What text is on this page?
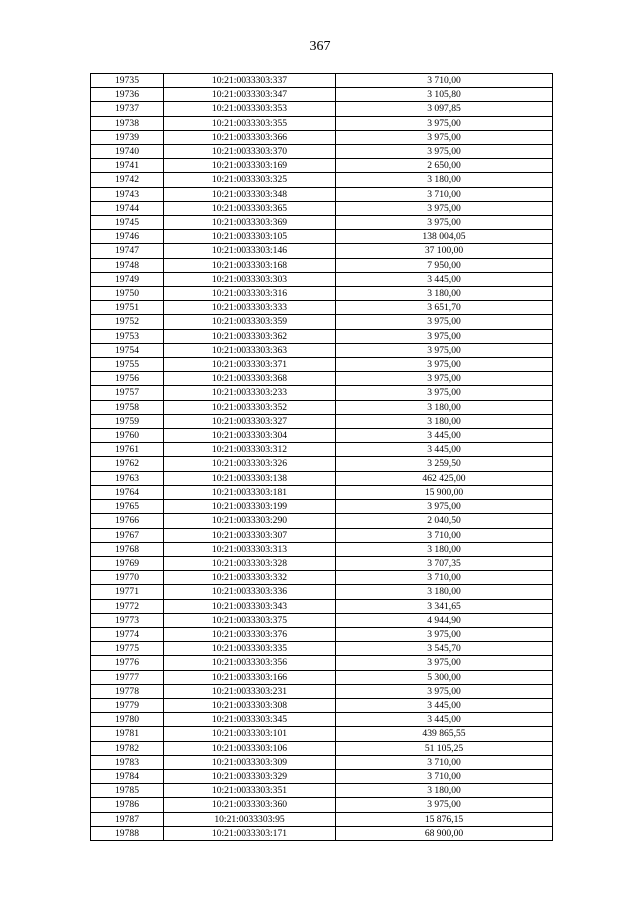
367
19735	10:21:0033303:337	3 710,00
19736	10:21:0033303:347	3 105,80
19737	10:21:0033303:353	3 097,85
19738	10:21:0033303:355	3 975,00
19739	10:21:0033303:366	3 975,00
19740	10:21:0033303:370	3 975,00
19741	10:21:0033303:169	2 650,00
19742	10:21:0033303:325	3 180,00
19743	10:21:0033303:348	3 710,00
19744	10:21:0033303:365	3 975,00
19745	10:21:0033303:369	3 975,00
19746	10:21:0033303:105	138 004,05
19747	10:21:0033303:146	37 100,00
19748	10:21:0033303:168	7 950,00
19749	10:21:0033303:303	3 445,00
19750	10:21:0033303:316	3 180,00
19751	10:21:0033303:333	3 651,70
19752	10:21:0033303:359	3 975,00
19753	10:21:0033303:362	3 975,00
19754	10:21:0033303:363	3 975,00
19755	10:21:0033303:371	3 975,00
19756	10:21:0033303:368	3 975,00
19757	10:21:0033303:233	3 975,00
19758	10:21:0033303:352	3 180,00
19759	10:21:0033303:327	3 180,00
19760	10:21:0033303:304	3 445,00
19761	10:21:0033303:312	3 445,00
19762	10:21:0033303:326	3 259,50
19763	10:21:0033303:138	462 425,00
19764	10:21:0033303:181	15 900,00
19765	10:21:0033303:199	3 975,00
19766	10:21:0033303:290	2 040,50
19767	10:21:0033303:307	3 710,00
19768	10:21:0033303:313	3 180,00
19769	10:21:0033303:328	3 707,35
19770	10:21:0033303:332	3 710,00
19771	10:21:0033303:336	3 180,00
19772	10:21:0033303:343	3 341,65
19773	10:21:0033303:375	4 944,90
19774	10:21:0033303:376	3 975,00
19775	10:21:0033303:335	3 545,70
19776	10:21:0033303:356	3 975,00
19777	10:21:0033303:166	5 300,00
19778	10:21:0033303:231	3 975,00
19779	10:21:0033303:308	3 445,00
19780	10:21:0033303:345	3 445,00
19781	10:21:0033303:101	439 865,55
19782	10:21:0033303:106	51 105,25
19783	10:21:0033303:309	3 710,00
19784	10:21:0033303:329	3 710,00
19785	10:21:0033303:351	3 180,00
19786	10:21:0033303:360	3 975,00
19787	10:21:0033303:95	15 876,15
19788	10:21:0033303:171	68 900,00
